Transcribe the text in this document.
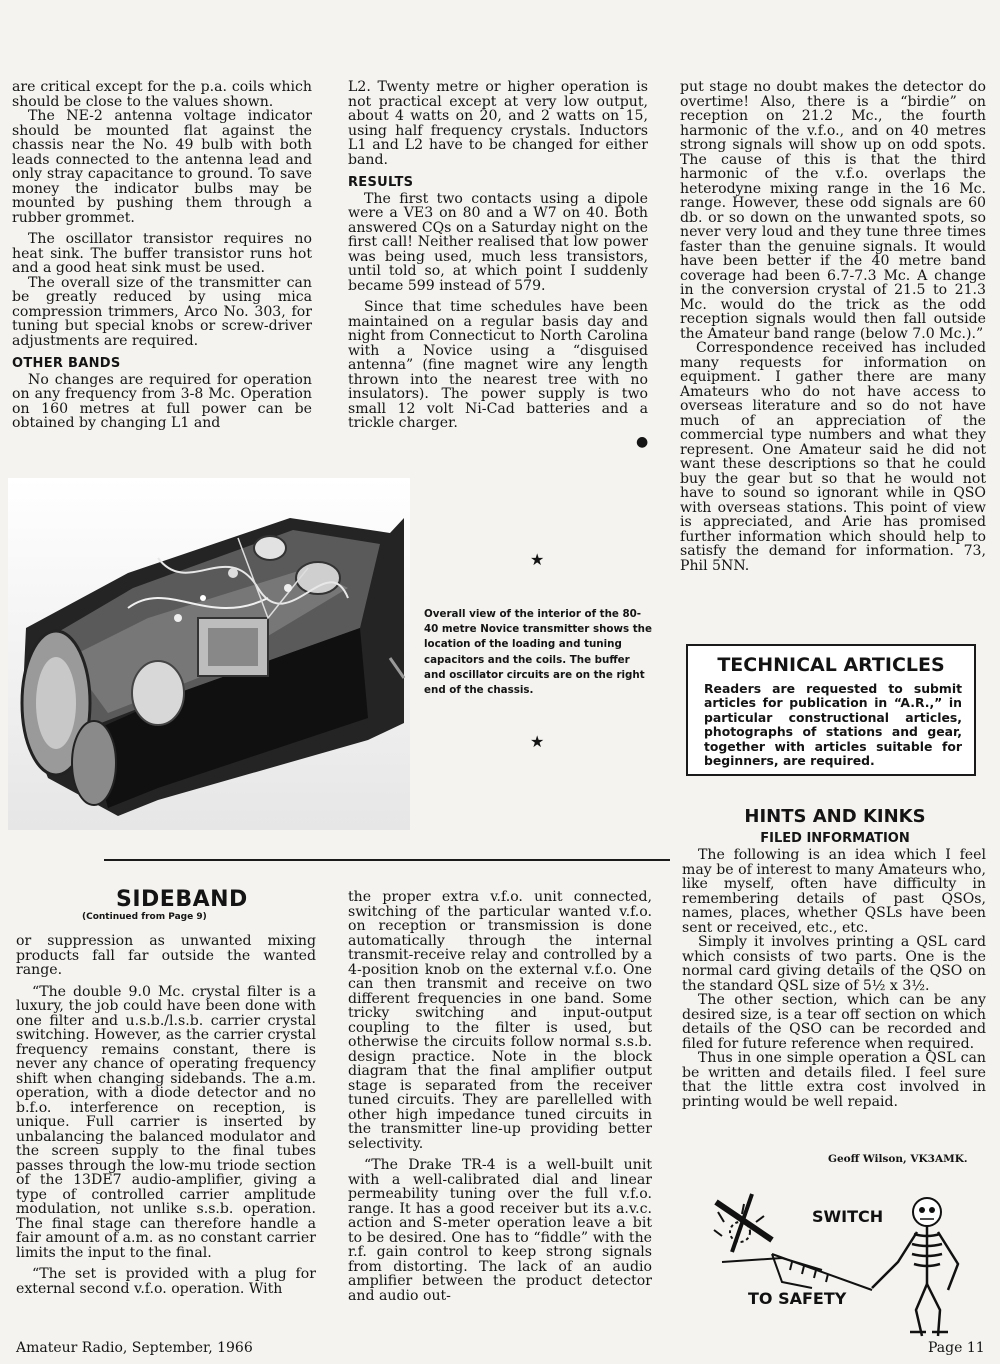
are critical except for the p.a. coils which should be close to the values shown.

The NE-2 antenna voltage indicator should be mounted flat against the chassis near the No. 49 bulb with both leads connected to the antenna lead and only stray capacitance to ground. To save money the indicator bulbs may be mounted by pushing them through a rubber grommet.

The oscillator transistor requires no heat sink. The buffer transistor runs hot and a good heat sink must be used.

The overall size of the transmitter can be greatly reduced by using mica compression trimmers, Arco No. 303, for tuning but special knobs or screw-driver adjustments are required.

OTHER BANDS

No changes are required for operation on any frequency from 3-8 Mc. Operation on 160 metres at full power can be obtained by changing L1 and

L2. Twenty metre or higher operation is not practical except at very low output, about 4 watts on 20, and 2 watts on 15, using half frequency crystals. Inductors L1 and L2 have to be changed for either band.

RESULTS

The first two contacts using a dipole were a VE3 on 80 and a W7 on 40. Both answered CQs on a Saturday night on the first call! Neither realised that low power was being used, much less transistors, until told so, at which point I suddenly became 599 instead of 579.

Since that time schedules have been maintained on a regular basis day and night from Connecticut to North Carolina with a Novice using a “disguised antenna” (fine magnet wire any length thrown into the nearest tree with no insulators). The power supply is two small 12 volt Ni-Cad batteries and a trickle charger.

●

put stage no doubt makes the detector do overtime! Also, there is a “birdie” on reception on 21.2 Mc., the fourth harmonic of the v.f.o., and on 40 metres strong signals will show up on odd spots. The cause of this is that the third harmonic of the v.f.o. overlaps the heterodyne mixing range in the 16 Mc. range. However, these odd signals are 60 db. or so down on the unwanted spots, so never very loud and they tune three times faster than the genuine signals. It would have been better if the 40 metre band coverage had been 6.7-7.3 Mc. A change in the conversion crystal of 21.5 to 21.3 Mc. would do the trick as the odd reception signals would then fall outside the Amateur band range (below 7.0 Mc.).”

Correspondence received has included many requests for information on equipment. I gather there are many Amateurs who do not have access to overseas literature and so do not have much of an appreciation of the commercial type numbers and what they represent. One Amateur said he did not want these descriptions so that he could buy the gear but so that he would not have to sound so ignorant while in QSO with overseas stations. This point of view is appreciated, and Arie has promised further information which should help to satisfy the demand for information. 73, Phil 5NN.

Overall view of the interior of the 80-40 metre Novice transmitter shows the location of the loading and tuning capacitors and the coils. The buffer and oscillator circuits are on the right end of the chassis.
★
★
TECHNICAL ARTICLES
Readers are requested to submit articles for publication in “A.R.,” in particular constructional articles, photographs of stations and gear, together with articles suitable for beginners, are required.
HINTS AND KINKS
FILED INFORMATION

The following is an idea which I feel may be of interest to many Amateurs who, like myself, often have difficulty in remembering details of past QSOs, names, places, whether QSLs have been sent or received, etc., etc.

Simply it involves printing a QSL card which consists of two parts. One is the normal card giving details of the QSO on the standard QSL size of 5½ x 3½.

The other section, which can be any desired size, is a tear off section on which details of the QSO can be recorded and filed for future reference when required.

Thus in one simple operation a QSL can be written and details filed. I feel sure that the little extra cost involved in printing would be well repaid.

Geoff Wilson, VK3AMK.
SIDEBAND
(Continued from Page 9)

or suppression as unwanted mixing products fall far outside the wanted range.

“The double 9.0 Mc. crystal filter is a luxury, the job could have been done with one filter and u.s.b./l.s.b. carrier crystal switching. However, as the carrier crystal frequency remains constant, there is never any chance of operating frequency shift when changing sidebands. The a.m. operation, with a diode detector and no b.f.o. interference on reception, is unique. Full carrier is inserted by unbalancing the balanced modulator and the screen supply to the final tubes passes through the low-mu triode section of the 13DE7 audio-amplifier, giving a type of controlled carrier amplitude modulation, not unlike s.s.b. operation. The final stage can therefore handle a fair amount of a.m. as no constant carrier limits the input to the final.

“The set is provided with a plug for external second v.f.o. operation. With

the proper extra v.f.o. unit connected, switching of the particular wanted v.f.o. on reception or transmission is done automatically through the internal transmit-receive relay and controlled by a 4-position knob on the external v.f.o. One can then transmit and receive on two different frequencies in one band. Some tricky switching and input-output coupling to the filter is used, but otherwise the circuits follow normal s.s.b. design practice. Note in the block diagram that the final amplifier output stage is separated from the receiver tuned circuits. They are parellelled with other high impedance tuned circuits in the transmitter line-up providing better selectivity.

“The Drake TR-4 is a well-built unit with a well-calibrated dial and linear permeability tuning over the full v.f.o. range. It has a good receiver but its a.v.c. action and S-meter operation leave a bit to be desired. One has to “fiddle” with the r.f. gain control to keep strong signals from distorting. The lack of an audio amplifier between the product detector and audio out-

SWITCH
TO SAFETY
Amateur Radio, September, 1966	Page 11
